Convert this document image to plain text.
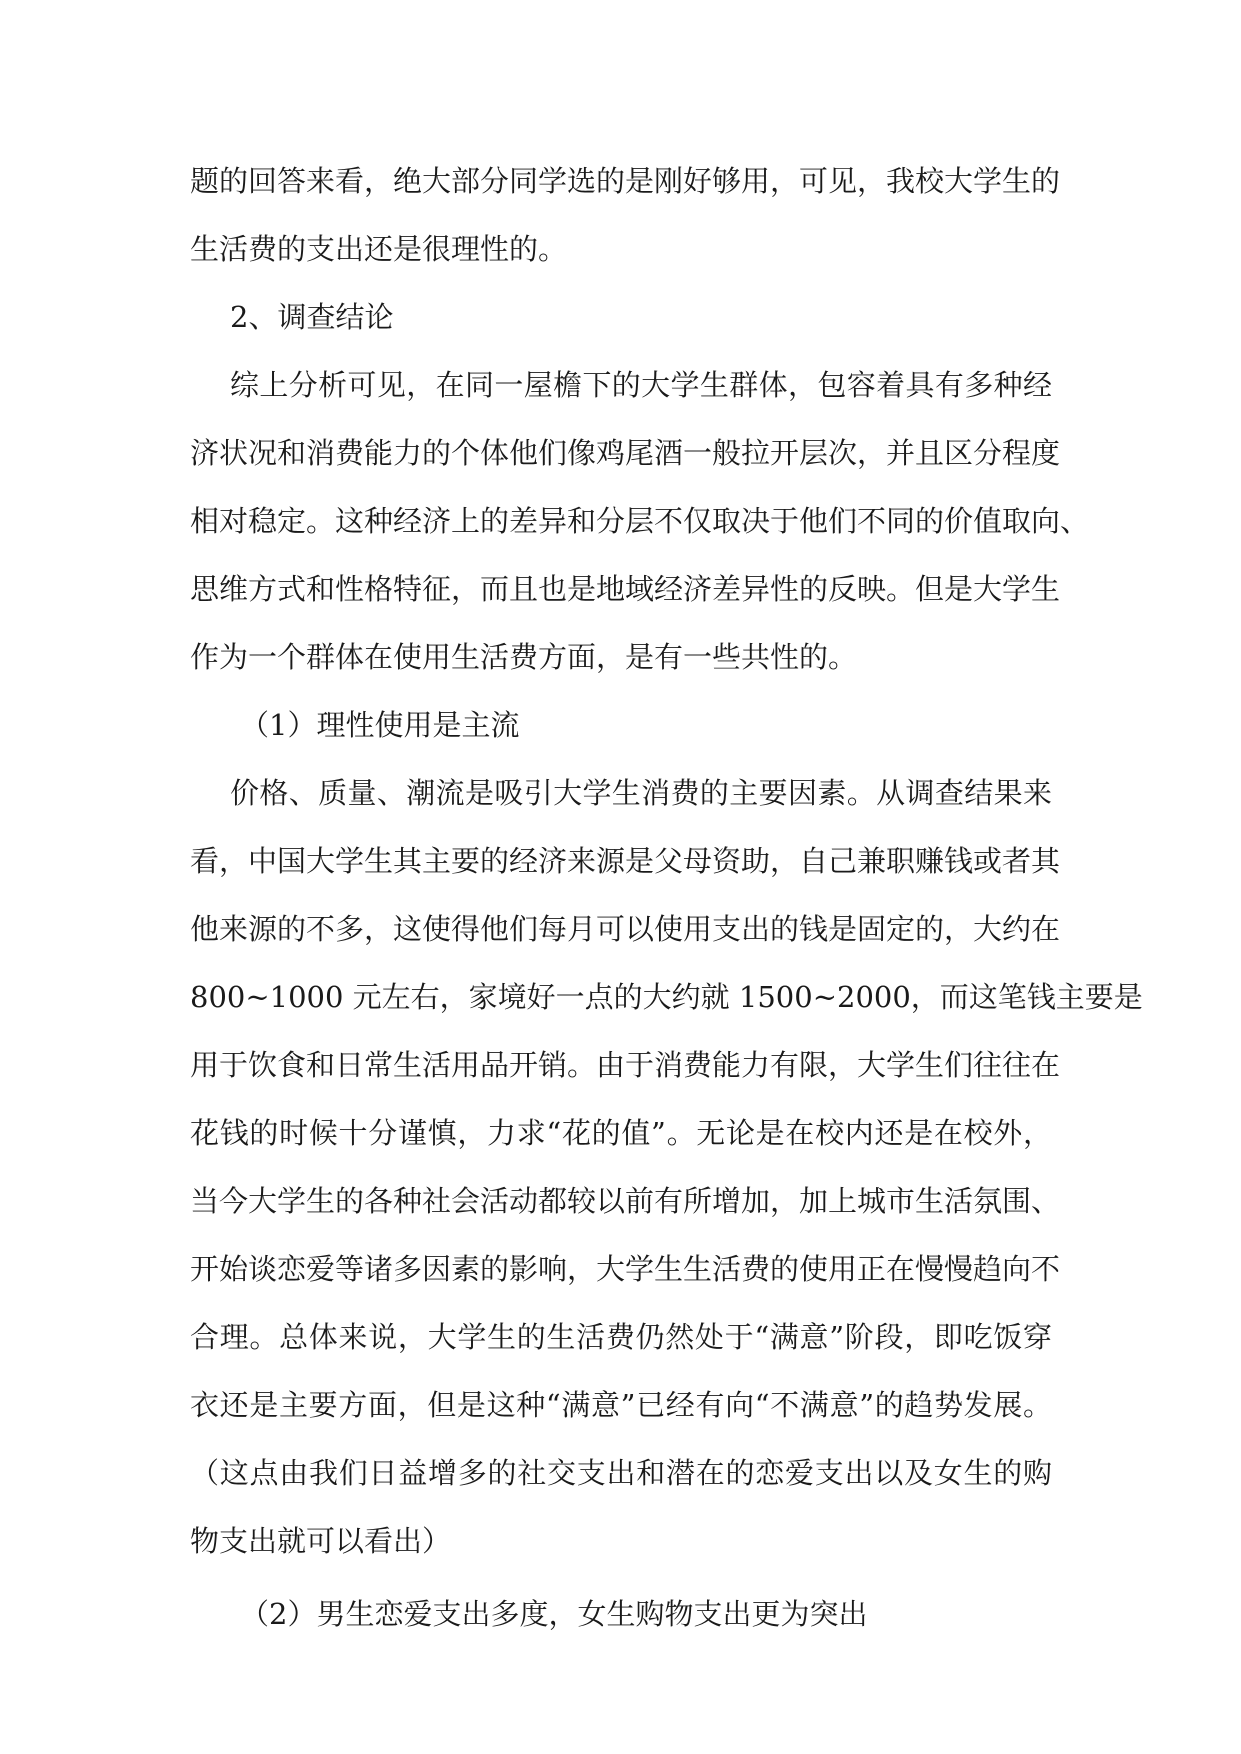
题的回答来看，绝大部分同学选的是刚好够用，可见，我校大学生的
生活费的支出还是很理性的。
2、调查结论
综上分析可见，在同一屋檐下的大学生群体，包容着具有多种经
济状况和消费能力的个体他们像鸡尾酒一般拉开层次，并且区分程度
相对稳定。这种经济上的差异和分层不仅取决于他们不同的价值取向、
思维方式和性格特征，而且也是地域经济差异性的反映。但是大学生
作为一个群体在使用生活费方面，是有一些共性的。
（1）理性使用是主流
价格、质量、潮流是吸引大学生消费的主要因素。从调查结果来
看，中国大学生其主要的经济来源是父母资助，自己兼职赚钱或者其
他来源的不多，这使得他们每月可以使用支出的钱是固定的，大约在
800~1000 元左右，家境好一点的大约就 1500~2000，而这笔钱主要是
用于饮食和日常生活用品开销。由于消费能力有限，大学生们往往在
花钱的时候十分谨慎，力求“花的值”。无论是在校内还是在校外，
当今大学生的各种社会活动都较以前有所增加，加上城市生活氛围、
开始谈恋爱等诸多因素的影响，大学生生活费的使用正在慢慢趋向不
合理。总体来说，大学生的生活费仍然处于“满意”阶段，即吃饭穿
衣还是主要方面，但是这种“满意”已经有向“不满意”的趋势发展。
（这点由我们日益增多的社交支出和潜在的恋爱支出以及女生的购
物支出就可以看出）
（2）男生恋爱支出多度，女生购物支出更为突出
